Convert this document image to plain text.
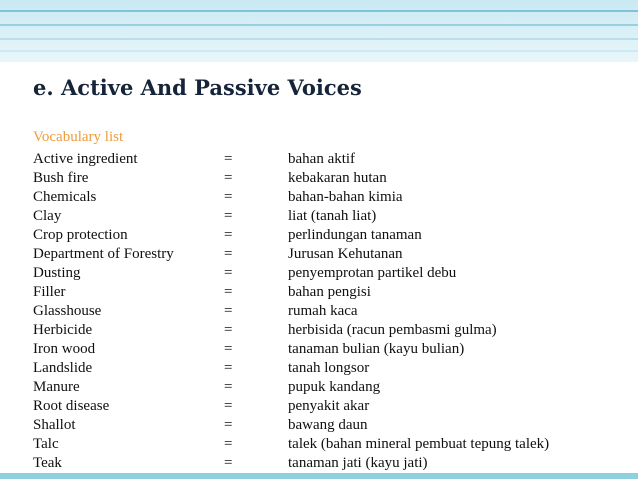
e. Active And Passive Voices
Vocabulary list
Active ingredient	=	bahan aktif
Bush fire	=	kebakaran hutan
Chemicals	=	bahan-bahan kimia
Clay	=	liat (tanah liat)
Crop protection	=	perlindungan tanaman
Department of Forestry	=	Jurusan Kehutanan
Dusting	=	penyemprotan partikel debu
Filler	=	bahan pengisi
Glasshouse	=	rumah kaca
Herbicide	=	herbisida (racun pembasmi gulma)
Iron wood	=	tanaman bulian (kayu bulian)
Landslide	=	tanah longsor
Manure	=	pupuk kandang
Root disease	=	penyakit akar
Shallot	=	bawang daun
Talc	=	talek (bahan mineral pembuat tepung talek)
Teak	=	tanaman jati (kayu jati)
